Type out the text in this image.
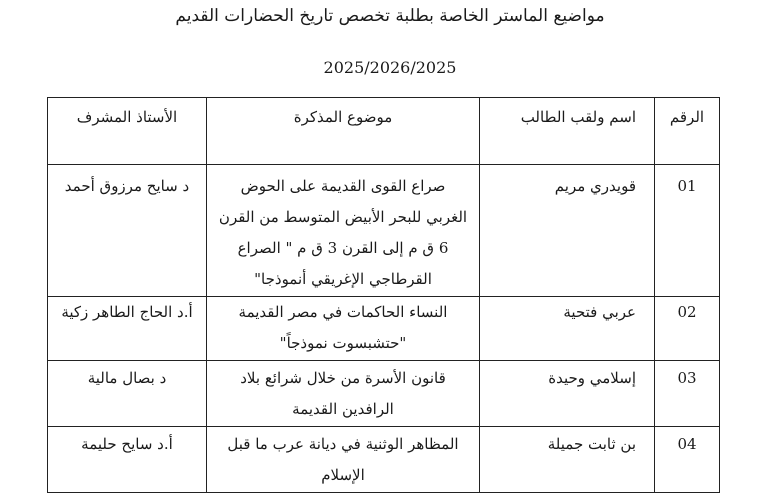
مواضيع الماستر الخاصة بطلبة تخصص تاريخ الحضارات القديم
2025/2026/2025
الرقم	اسم ولقب الطالب	موضوع المذكرة	الأستاذ المشرف
01	قويدري مريم	صراع القوى القديمة على الحوض
الغربي للبحر الأبيض المتوسط من القرن
6 ق م إلى القرن 3 ق م " الصراع
القرطاجي الإغريقي أنموذجا"	د سايح مرزوق أحمد
02	عربي فتحية	النساء الحاكمات في مصر القديمة
"حتشبسوت نموذجاً"	أ.د الحاج الطاهر زكية
03	إسلامي وحيدة	قانون الأسرة من خلال شرائع بلاد
الرافدين القديمة	د بصال مالية
04	بن ثابت جميلة	المظاهر الوثنية في ديانة عرب ما قبل
الإسلام	أ.د سايح حليمة
